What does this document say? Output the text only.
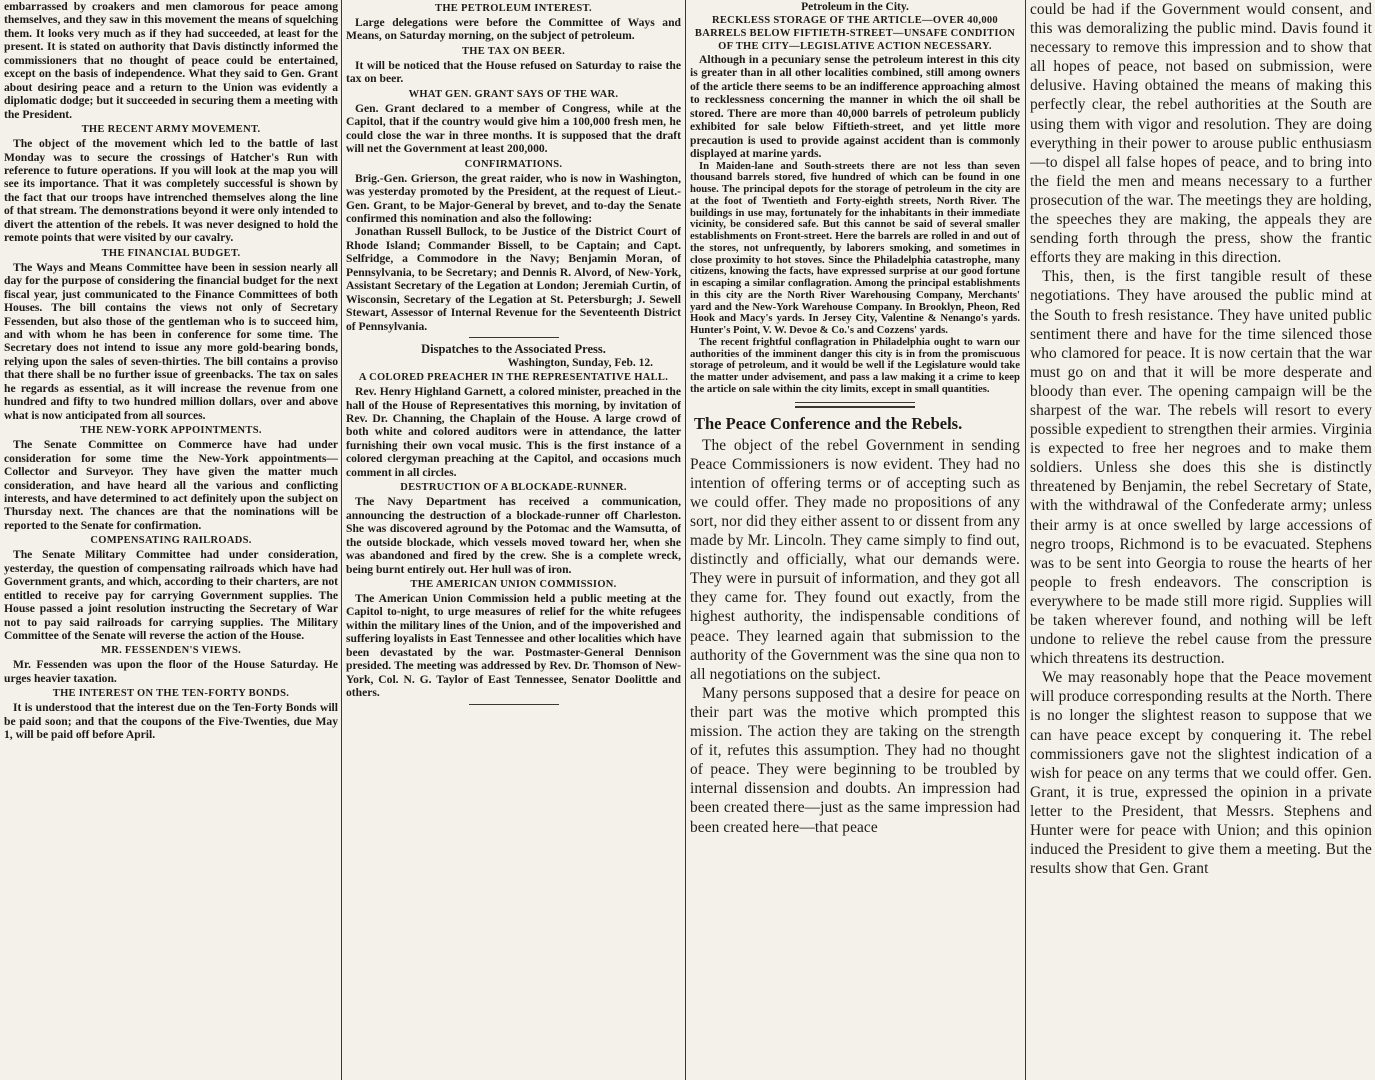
embarrassed by croakers and men clamorous for peace among themselves, and they saw in this movement the means of squelching them. It looks very much as if they had succeeded, at least for the present. It is stated on authority that Davis distinctly informed the commissioners that no thought of peace could be entertained, except on the basis of independence. What they said to Gen. Grant about desiring peace and a return to the Union was evidently a diplomatic dodge; but it succeeded in securing them a meeting with the President.

THE RECENT ARMY MOVEMENT.

The object of the movement which led to the battle of last Monday was to secure the crossings of Hatcher's Run with reference to future operations. If you will look at the map you will see its importance. That it was completely successful is shown by the fact that our troops have intrenched themselves along the line of that stream. The demonstrations beyond it were only intended to divert the attention of the rebels. It was never designed to hold the remote points that were visited by our cavalry.

THE FINANCIAL BUDGET.

The Ways and Means Committee have been in session nearly all day for the purpose of considering the financial budget for the next fiscal year, just communicated to the Finance Committees of both Houses. The bill contains the views not only of Secretary Fessenden, but also those of the gentleman who is to succeed him, and with whom he has been in conference for some time. The Secretary does not intend to issue any more gold-bearing bonds, relying upon the sales of seven-thirties. The bill contains a proviso that there shall be no further issue of greenbacks. The tax on sales he regards as essential, as it will increase the revenue from one hundred and fifty to two hundred million dollars, over and above what is now anticipated from all sources.

THE NEW-YORK APPOINTMENTS.

The Senate Committee on Commerce have had under consideration for some time the New-York appointments—Collector and Surveyor. They have given the matter much consideration, and have heard all the various and conflicting interests, and have determined to act definitely upon the subject on Thursday next. The chances are that the nominations will be reported to the Senate for confirmation.

COMPENSATING RAILROADS.

The Senate Military Committee had under consideration, yesterday, the question of compensating railroads which have had Government grants, and which, according to their charters, are not entitled to receive pay for carrying Government supplies. The House passed a joint resolution instructing the Secretary of War not to pay said railroads for carrying supplies. The Military Committee of the Senate will reverse the action of the House.

MR. FESSENDEN'S VIEWS.

Mr. Fessenden was upon the floor of the House Saturday. He urges heavier taxation.

THE INTEREST ON THE TEN-FORTY BONDS.

It is understood that the interest due on the Ten-Forty Bonds will be paid soon; and that the coupons of the Five-Twenties, due May 1, will be paid off before April.

THE PETROLEUM INTEREST.

Large delegations were before the Committee of Ways and Means, on Saturday morning, on the subject of petroleum.

THE TAX ON BEER.

It will be noticed that the House refused on Saturday to raise the tax on beer.

WHAT GEN. GRANT SAYS OF THE WAR.

Gen. Grant declared to a member of Congress, while at the Capitol, that if the country would give him a 100,000 fresh men, he could close the war in three months. It is supposed that the draft will net the Government at least 200,000.

CONFIRMATIONS.

Brig.-Gen. Grierson, the great raider, who is now in Washington, was yesterday promoted by the President, at the request of Lieut.-Gen. Grant, to be Major-General by brevet, and to-day the Senate confirmed this nomination and also the following:

Jonathan Russell Bullock, to be Justice of the District Court of Rhode Island; Commander Bissell, to be Captain; and Capt. Selfridge, a Commodore in the Navy; Benjamin Moran, of Pennsylvania, to be Secretary; and Dennis R. Alvord, of New-York, Assistant Secretary of the Legation at London; Jeremiah Curtin, of Wisconsin, Secretary of the Legation at St. Petersburgh; J. Sewell Stewart, Assessor of Internal Revenue for the Seventeenth District of Pennsylvania.

Dispatches to the Associated Press.
Washington, Sunday, Feb. 12.
A COLORED PREACHER IN THE REPRESENTATIVE HALL.

Rev. Henry Highland Garnett, a colored minister, preached in the hall of the House of Representatives this morning, by invitation of Rev. Dr. Channing, the Chaplain of the House. A large crowd of both white and colored auditors were in attendance, the latter furnishing their own vocal music. This is the first instance of a colored clergyman preaching at the Capitol, and occasions much comment in all circles.

DESTRUCTION OF A BLOCKADE-RUNNER.

The Navy Department has received a communication, announcing the destruction of a blockade-runner off Charleston. She was discovered aground by the Potomac and the Wamsutta, of the outside blockade, which vessels moved toward her, when she was abandoned and fired by the crew. She is a complete wreck, being burnt entirely out. Her hull was of iron.

THE AMERICAN UNION COMMISSION.

The American Union Commission held a public meeting at the Capitol to-night, to urge measures of relief for the white refugees within the military lines of the Union, and of the impoverished and suffering loyalists in East Tennessee and other localities which have been devastated by the war. Postmaster-General Dennison presided. The meeting was addressed by Rev. Dr. Thomson of New-York, Col. N. G. Taylor of East Tennessee, Senator Doolittle and others.

Petroleum in the City.

RECKLESS STORAGE OF THE ARTICLE—OVER 40,000 BARRELS BELOW FIFTIETH-STREET—UNSAFE CONDITION OF THE CITY—LEGISLATIVE ACTION NECESSARY.

Although in a pecuniary sense the petroleum interest in this city is greater than in all other localities combined, still among owners of the article there seems to be an indifference approaching almost to recklessness concerning the manner in which the oil shall be stored. There are more than 40,000 barrels of petroleum publicly exhibited for sale below Fiftieth-street, and yet little more precaution is used to provide against accident than is commonly displayed at marine yards.

In Maiden-lane and South-streets there are not less than seven thousand barrels stored, five hundred of which can be found in one house. The principal depots for the storage of petroleum in the city are at the foot of Twentieth and Forty-eighth streets, North River. The buildings in use may, fortunately for the inhabitants in their immediate vicinity, be considered safe. But this cannot be said of several smaller establishments on Front-street. Here the barrels are rolled in and out of the stores, not unfrequently, by laborers smoking, and sometimes in close proximity to hot stoves. Since the Philadelphia catastrophe, many citizens, knowing the facts, have expressed surprise at our good fortune in escaping a similar conflagration. Among the principal establishments in this city are the North River Warehousing Company, Merchants' yard and the New-York Warehouse Company. In Brooklyn, Pheon, Red Hook and Macy's yards. In Jersey City, Valentine & Nenango's yards. Hunter's Point, V. W. Devoe & Co.'s and Cozzens' yards.

The recent frightful conflagration in Philadelphia ought to warn our authorities of the imminent danger this city is in from the promiscuous storage of petroleum, and it would be well if the Legislature would take the matter under advisement, and pass a law making it a crime to keep the article on sale within the city limits, except in small quantities.

The Peace Conference and the Rebels.

The object of the rebel Government in sending Peace Commissioners is now evident. They had no intention of offering terms or of accepting such as we could offer. They made no propositions of any sort, nor did they either assent to or dissent from any made by Mr. Lincoln. They came simply to find out, distinctly and officially, what our demands were. They were in pursuit of information, and they got all they came for. They found out exactly, from the highest authority, the indispensable conditions of peace. They learned again that submission to the authority of the Government was the sine qua non to all negotiations on the subject.

Many persons supposed that a desire for peace on their part was the motive which prompted this mission. The action they are taking on the strength of it, refutes this assumption. They had no thought of peace. They were beginning to be troubled by internal dissension and doubts. An impression had been created there—just as the same impression had been created here—that peace

could be had if the Government would consent, and this was demoralizing the public mind. Davis found it necessary to remove this impression and to show that all hopes of peace, not based on submission, were delusive. Having obtained the means of making this perfectly clear, the rebel authorities at the South are using them with vigor and resolution. They are doing everything in their power to arouse public enthusiasm—to dispel all false hopes of peace, and to bring into the field the men and means necessary to a further prosecution of the war. The meetings they are holding, the speeches they are making, the appeals they are sending forth through the press, show the frantic efforts they are making in this direction.

This, then, is the first tangible result of these negotiations. They have aroused the public mind at the South to fresh resistance. They have united public sentiment there and have for the time silenced those who clamored for peace. It is now certain that the war must go on and that it will be more desperate and bloody than ever. The opening campaign will be the sharpest of the war. The rebels will resort to every possible expedient to strengthen their armies. Virginia is expected to free her negroes and to make them soldiers. Unless she does this she is distinctly threatened by Benjamin, the rebel Secretary of State, with the withdrawal of the Confederate army; unless their army is at once swelled by large accessions of negro troops, Richmond is to be evacuated. Stephens was to be sent into Georgia to rouse the hearts of her people to fresh endeavors. The conscription is everywhere to be made still more rigid. Supplies will be taken wherever found, and nothing will be left undone to relieve the rebel cause from the pressure which threatens its destruction.

We may reasonably hope that the Peace movement will produce corresponding results at the North. There is no longer the slightest reason to suppose that we can have peace except by conquering it. The rebel commissioners gave not the slightest indication of a wish for peace on any terms that we could offer. Gen. Grant, it is true, expressed the opinion in a private letter to the President, that Messrs. Stephens and Hunter were for peace with Union; and this opinion induced the President to give them a meeting. But the results show that Gen. Grant
